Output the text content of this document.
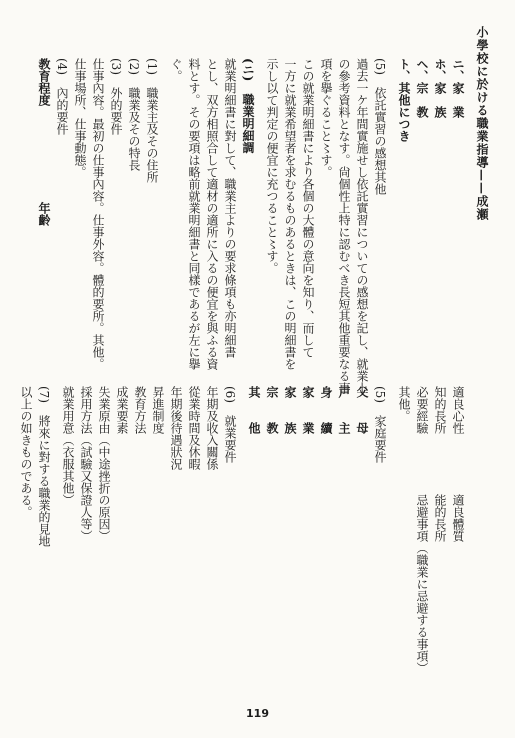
小學校に於ける職業指導——成瀬
ニ、家　業
ホ、家　族
ヘ、宗　教
ト、其他につき
(5)　依託實習の感想其他
過去一ケ年間實施せし依託實習についての感想を記し、就業上
の參考資料となす。尙個性上特に認むべき長短其他重要なる事
項を擧ぐること〻す。
この就業明細書により各個の大體の意向を知り、而して
一方に就業希望者を求むるものあるときは、この明細書を
示し以て判定の便宜に充つること〻す。
(ニ)　職業明細調
就業明細書に對して、職業主よりの要求條項も亦明細書
とし、双方相照合して適材の適所に入るの便宜を與ふる資
料とす。その要項は略前就業明細書と同樣であるが左に擧
ぐ。
(1)　職業主及その住所
(2)　職業及その特長
(3)　外的要件
仕事內容。最初の仕事內容。仕事外容。體的要所。其他。
仕事場所、仕事動態。
(4)　內的要件
教育程度　　　　　　　　年齡
適良心性　　　　　適良體質
知的長所　　　　　能的長所
必要經驗　　　　　忌避事項（職業に忌避する事項）
其他。
(5)　家庭要件
父　　母
戸　　主
身　　續
家　　業
家　　族
宗　　教
其　　他
(6)　就業要件
年期及收入關係
從業時間及休暇
年期後待遇狀況
昇進制度
教育方法
成業要素
失業原由（中途挫折の原因）
採用方法（試驗又保證人等）
就業用意（衣服其他）
(7)　將來に對する職業的見地
以上の如きものである。
119
